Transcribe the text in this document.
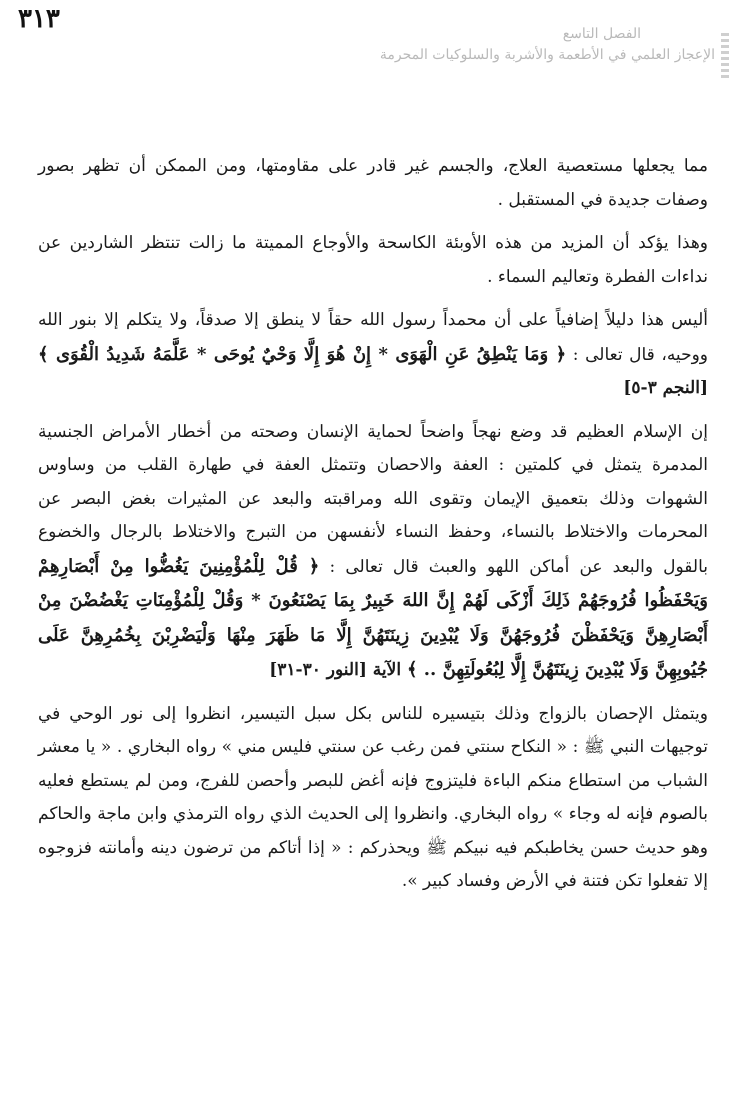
٣١٣	الفصل التاسع
الإعجاز العلمي في الأطعمة والأشربة والسلوكيات المحرمة

مما يجعلها مستعصية العلاج، والجسم غير قادر على مقاومتها، ومن الممكن أن تظهر بصور وصفات جديدة في المستقبل .

وهذا يؤكد أن المزيد من هذه الأوبئة الكاسحة والأوجاع المميتة ما زالت تنتظر الشاردين عن نداءات الفطرة وتعاليم السماء .

أليس هذا دليلاً إضافياً على أن محمداً رسول الله حقاً لا ينطق إلا صدقاً، ولا يتكلم إلا بنور الله ووحيه، قال تعالى : ﴿ وَمَا يَنْطِقُ عَنِ الْهَوَى * إِنْ هُوَ إِلَّا وَحْيٌ يُوحَى * عَلَّمَهُ شَدِيدُ الْقُوَى ﴾ [النجم ٣-٥]

إن الإسلام العظيم قد وضع نهجاً واضحاً لحماية الإنسان وصحته من أخطار الأمراض الجنسية المدمرة يتمثل في كلمتين : العفة والاحصان وتتمثل العفة في طهارة القلب من وساوس الشهوات وذلك بتعميق الإيمان وتقوى الله ومراقبته والبعد عن المثيرات بغض البصر عن المحرمات والاختلاط بالنساء، وحفظ النساء لأنفسهن من التبرج والاختلاط بالرجال والخضوع بالقول والبعد عن أماكن اللهو والعبث قال تعالى : ﴿ قُلْ لِلْمُؤْمِنِينَ يَغُضُّوا مِنْ أَبْصَارِهِمْ وَيَحْفَظُوا فُرُوجَهُمْ ذَلِكَ أَزْكَى لَهُمْ إِنَّ اللهَ خَبِيرٌ بِمَا يَصْنَعُونَ * وَقُلْ لِلْمُؤْمِنَاتِ يَغْضُضْنَ مِنْ أَبْصَارِهِنَّ وَيَحْفَظْنَ فُرُوجَهُنَّ وَلَا يُبْدِينَ زِينَتَهُنَّ إِلَّا مَا ظَهَرَ مِنْهَا وَلْيَضْرِبْنَ بِخُمُرِهِنَّ عَلَى جُيُوبِهِنَّ وَلَا يُبْدِينَ زِينَتَهُنَّ إِلَّا لِبُعُولَتِهِنَّ .. ﴾ الآية [النور ٣٠-٣١]

ويتمثل الإحصان بالزواج وذلك بتيسيره للناس بكل سبل التيسير، انظروا إلى نور الوحي في توجيهات النبي ﷺ : « النكاح سنتي فمن رغب عن سنتي فليس مني » رواه البخاري . « يا معشر الشباب من استطاع منكم الباءة فليتزوج فإنه أغض للبصر وأحصن للفرج، ومن لم يستطع فعليه بالصوم فإنه له وجاء » رواه البخاري. وانظروا إلى الحديث الذي رواه الترمذي وابن ماجة والحاكم وهو حديث حسن يخاطبكم فيه نبيكم ﷺ ويحذركم : « إذا أتاكم من ترضون دينه وأمانته فزوجوه إلا تفعلوا تكن فتنة في الأرض وفساد كبير ».
